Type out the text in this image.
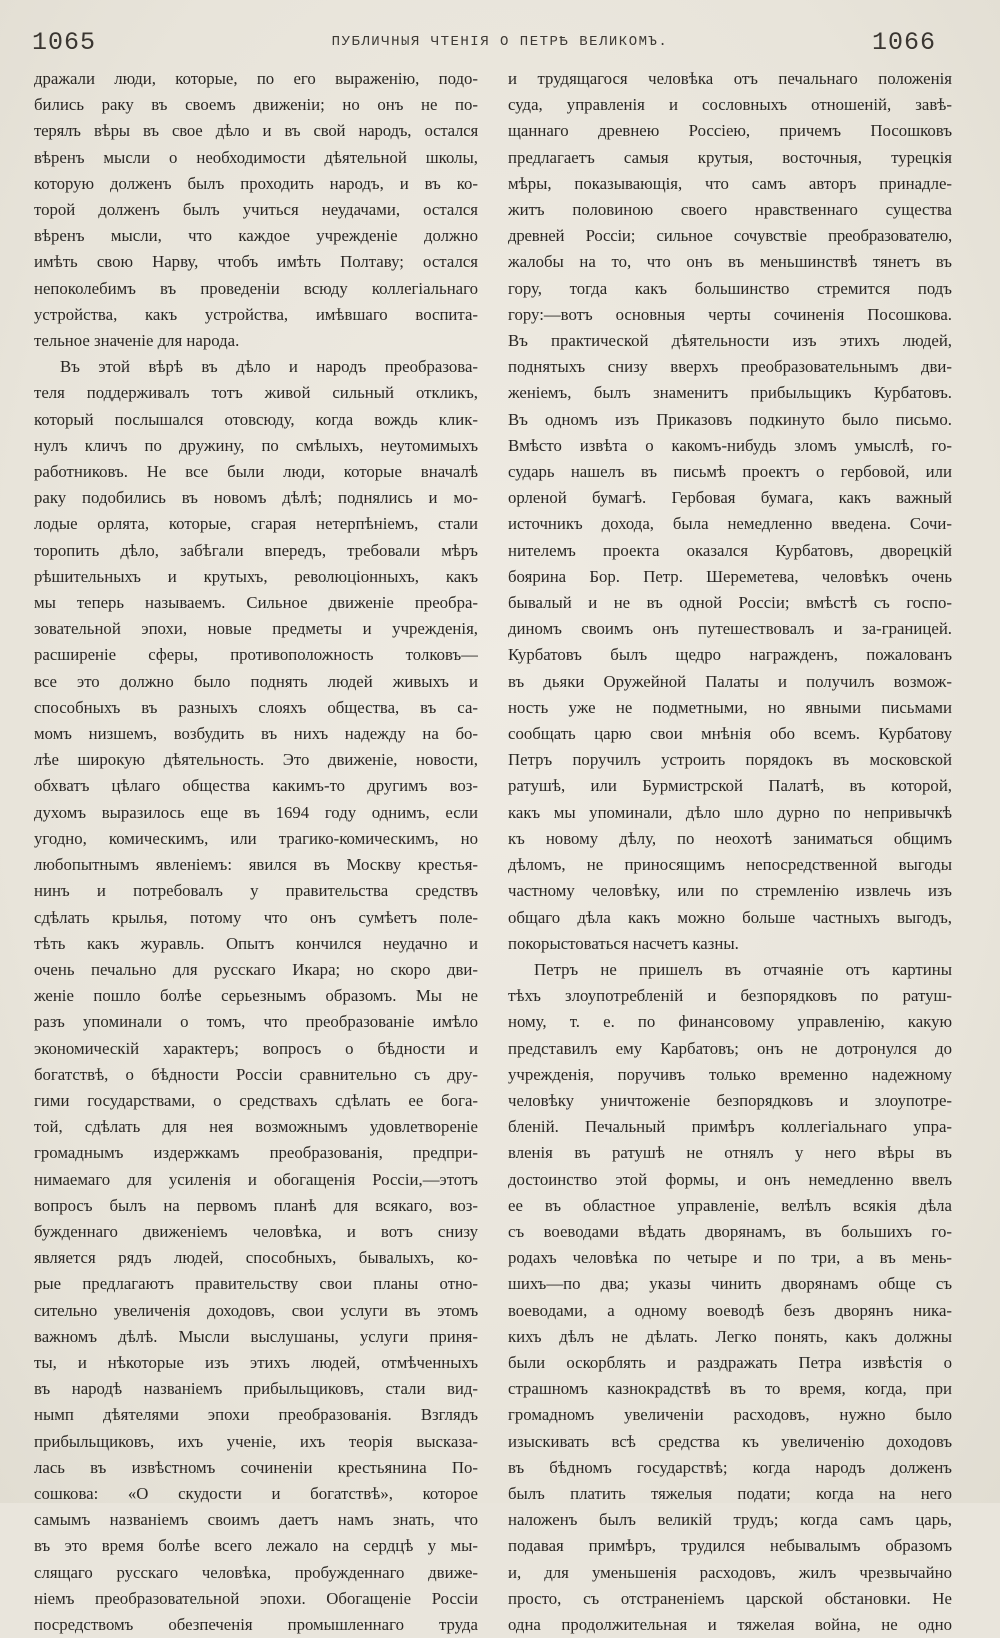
1065	ПУБЛИЧНЫЯ ЧТЕНІЯ О ПЕТРѢ ВЕЛИКОМЪ.	1066

дражали люди, которые, по его выраженію, подо-

бились раку въ своемъ движеніи; но онъ не по-

терялъ вѣры въ свое дѣло и въ свой народъ, остался

вѣренъ мысли о необходимости дѣятельной школы,

которую долженъ былъ проходить народъ, и въ ко-

торой долженъ былъ учиться неудачами, остался

вѣренъ мысли, что каждое учрежденіе должно

имѣть свою Нарву, чтобъ имѣть Полтаву; остался

непоколебимъ въ проведеніи всюду коллегіальнаго

устройства, какъ устройства, имѣвшаго воспита-

тельное значеніе для народа.

Въ этой вѣрѣ въ дѣло и народъ преобразова-

теля поддерживалъ тотъ живой сильный откликъ,

который послышался отовсюду, когда вождь клик-

нулъ кличъ по дружину, по смѣлыхъ, неутомимыхъ

работниковъ. Не все были люди, которые вначалѣ

раку подобились въ новомъ дѣлѣ; поднялись и мо-

лодые орлята, которые, сгарая нетерпѣніемъ, стали

торопить дѣло, забѣгали впередъ, требовали мѣръ

рѣшительныхъ и крутыхъ, революціонныхъ, какъ

мы теперь называемъ. Сильное движеніе преобра-

зовательной эпохи, новые предметы и учрежденія,

расширеніе сферы, противоположность толковъ—

все это должно было поднять людей живыхъ и

способныхъ въ разныхъ слояхъ общества, въ са-

момъ низшемъ, возбудить въ нихъ надежду на бо-

лѣе широкую дѣятельность. Это движеніе, новости,

обхватъ цѣлаго общества какимъ-то другимъ воз-

духомъ выразилось еще въ 1694 году однимъ, если

угодно, комическимъ, или трагико-комическимъ, но

любопытнымъ явленіемъ: явился въ Москву крестья-

нинъ и потребовалъ у правительства средствъ

сдѣлать крылья, потому что онъ сумѣетъ поле-

тѣть какъ журавль. Опытъ кончился неудачно и

очень печально для русскаго Икара; но скоро дви-

женіе пошло болѣе серьезнымъ образомъ. Мы не

разъ упоминали о томъ, что преобразованіе имѣло

экономическій характеръ; вопросъ о бѣдности и

богатствѣ, о бѣдности Россіи сравнительно съ дру-

гими государствами, о средствахъ сдѣлать ее бога-

той, сдѣлать для нея возможнымъ удовлетвореніе

громаднымъ издержкамъ преобразованія, предпри-

нимаемаго для усиленія и обогащенія Россіи,—этотъ

вопросъ былъ на первомъ планѣ для всякаго, воз-

бужденнаго движеніемъ человѣка, и вотъ снизу

является рядъ людей, способныхъ, бывалыхъ, ко-

рые предлагаютъ правительству свои планы отно-

сительно увеличенія доходовъ, свои услуги въ этомъ

важномъ дѣлѣ. Мысли выслушаны, услуги приня-

ты, и нѣкоторые изъ этихъ людей, отмѣченныхъ

въ народѣ названіемъ прибыльщиковъ, стали вид-

нымп дѣятелями эпохи преобразованія. Взглядъ

прибыльщиковъ, ихъ ученіе, ихъ теорія высказа-

лась въ извѣстномъ сочиненіи крестьянина По-

сошкова: «О скудости и богатствѣ», которое

самымъ названіемъ своимъ даетъ намъ знать, что

въ это время болѣе всего лежало на сердцѣ у мы-

слящаго русскаго человѣка, пробужденнаго движе-

ніемъ преобразовательной эпохи. Обогащеніе Россіи

посредствомъ обезпеченія промышленнаго труда

и трудящагося человѣка отъ печальнаго положенія

суда, управленія и сословныхъ отношеній, завѣ-

щаннаго древнею Россіею, причемъ Посошковъ

предлагаетъ самыя крутыя, восточныя, турецкія

мѣры, показывающія, что самъ авторъ принадле-

житъ половиною своего нравственнаго существа

древней Россіи; сильное сочувствіе преобразователю,

жалобы на то, что онъ въ меньшинствѣ тянетъ въ

гору, тогда какъ большинство стремится подъ

гору:—вотъ основныя черты сочиненія Посошкова.

Въ практической дѣятельности изъ этихъ людей,

поднятыхъ снизу вверхъ преобразовательнымъ дви-

женіемъ, былъ знаменитъ прибыльщикъ Курбатовъ.

Въ одномъ изъ Приказовъ подкинуто было письмо.

Вмѣсто извѣта о какомъ-нибудь зломъ умыслѣ, го-

сударь нашелъ въ письмѣ проектъ о гербовой, или

орленой бумагѣ. Гербовая бумага, какъ важный

источникъ дохода, была немедленно введена. Сочи-

нителемъ проекта оказался Курбатовъ, дворецкій

боярина Бор. Петр. Шереметева, человѣкъ очень

бывалый и не въ одной Россіи; вмѣстѣ съ госпо-

диномъ своимъ онъ путешествовалъ и за-границей.

Курбатовъ былъ щедро награжденъ, пожалованъ

въ дьяки Оружейной Палаты и получилъ возмож-

ность уже не подметными, но явными письмами

сообщать царю свои мнѣнія обо всемъ. Курбатову

Петръ поручилъ устроить порядокъ въ московской

ратушѣ, или Бурмистрской Палатѣ, въ которой,

какъ мы упоминали, дѣло шло дурно по непривычкѣ

къ новому дѣлу, по неохотѣ заниматься общимъ

дѣломъ, не приносящимъ непосредственной выгоды

частному человѣку, или по стремленію извлечь изъ

общаго дѣла какъ можно больше частныхъ выгодъ,

покорыстоваться насчетъ казны.

Петръ не пришелъ въ отчаяніе отъ картины

тѣхъ злоупотребленій и безпорядковъ по ратуш-

ному, т. е. по финансовому управленію, какую

представилъ ему Карбатовъ; онъ не дотронулся до

учрежденія, поручивъ только временно надежному

человѣку уничтоженіе безпорядковъ и злоупотре-

бленій. Печальный примѣръ коллегіальнаго упра-

вленія въ ратушѣ не отнялъ у него вѣры въ

достоинство этой формы, и онъ немедленно ввелъ

ее въ областное управленіе, велѣлъ всякія дѣла

съ воеводами вѣдать дворянамъ, въ большихъ го-

родахъ человѣка по четыре и по три, а въ мень-

шихъ—по два; указы чинить дворянамъ обще съ

воеводами, а одному воеводѣ безъ дворянъ ника-

кихъ дѣлъ не дѣлать. Легко понять, какъ должны

были оскорблять и раздражать Петра извѣстія о

страшномъ казнокрадствѣ въ то время, когда, при

громадномъ увеличеніи расходовъ, нужно было

изыскивать всѣ средства къ увеличенію доходовъ

въ бѣдномъ государствѣ; когда народъ долженъ

былъ платить тяжелыя подати; когда на него

наложенъ былъ великій трудъ; когда самъ царь,

подавая примѣръ, трудился небывалымъ образомъ

и, для уменьшенія расходовъ, жилъ чрезвычайно

просто, съ отстраненіемъ царской обстановки. Не

одна продолжительная и тяжелая война, не одно
